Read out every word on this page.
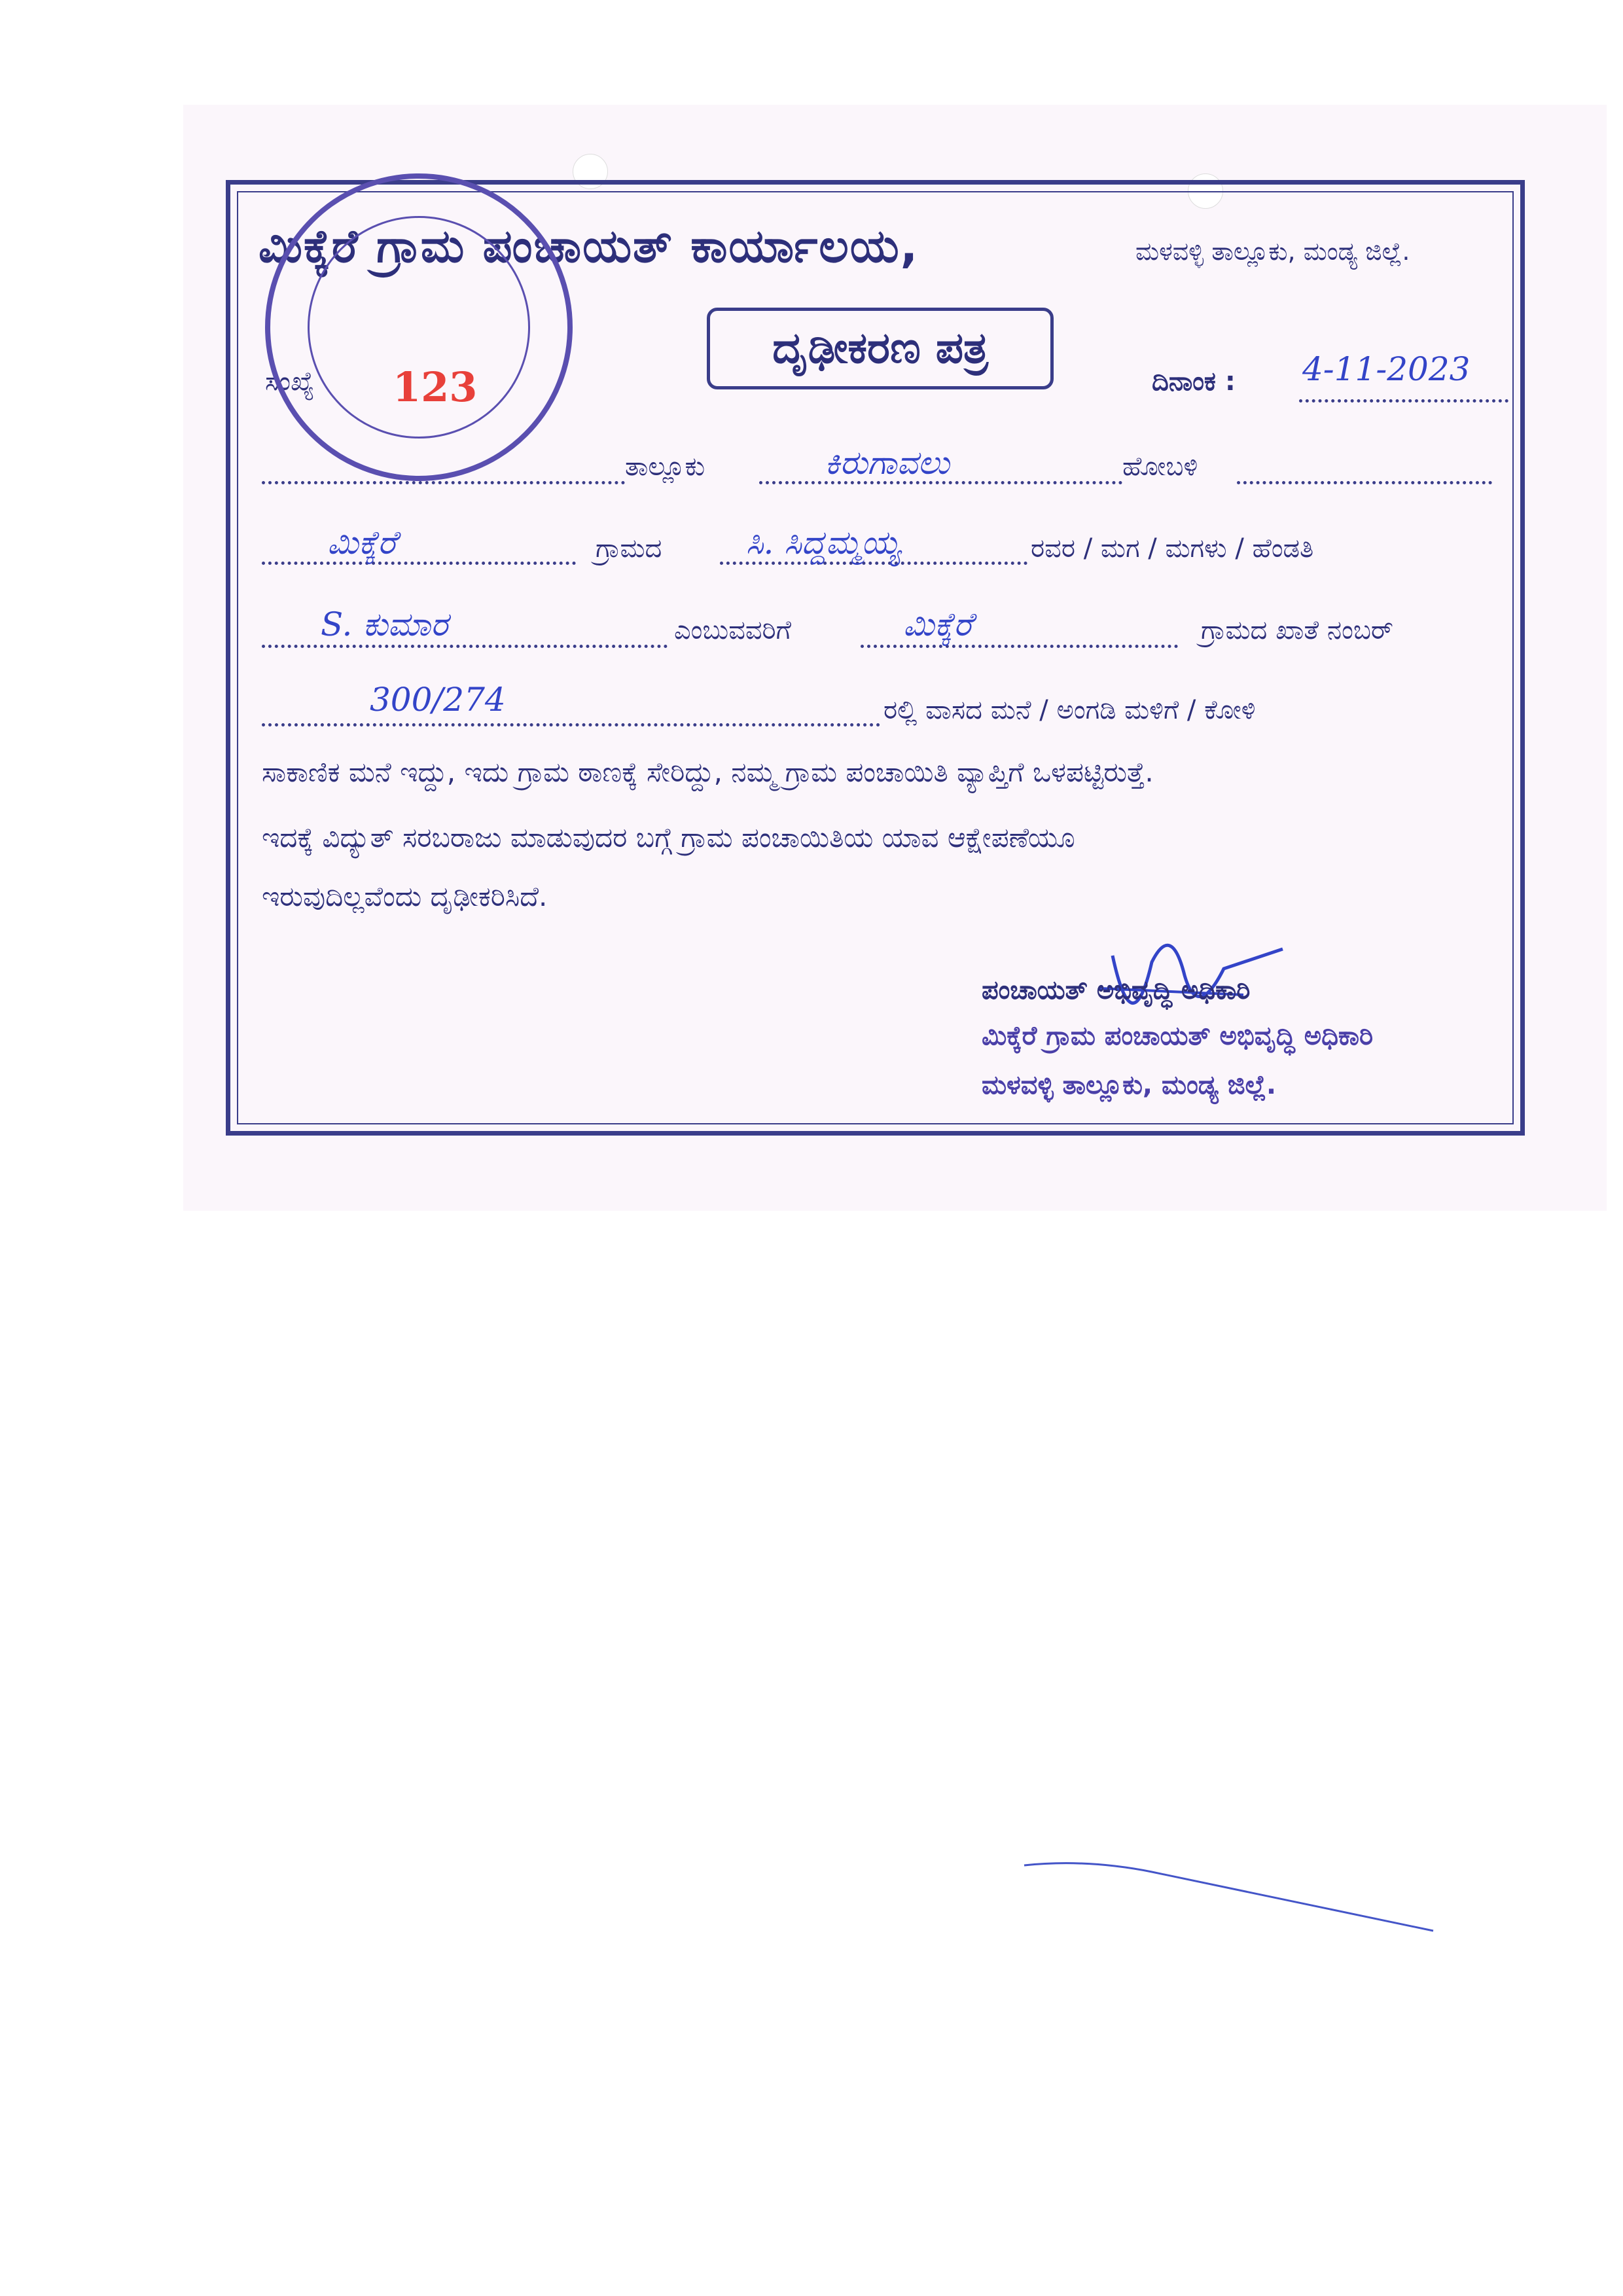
ಮಿಕ್ಕೆರೆ ಗ್ರಾಮ ಪಂಚಾಯತ್ ಕಾರ್ಯಾಲಯ,	ಮಳವಳ್ಳಿ ತಾಲ್ಲೂಕು, ಮಂಡ್ಯ ಜಿಲ್ಲೆ.
ದೃಢೀಕರಣ ಪತ್ರ
ಸಂಖ್ಯೆ	ದಿನಾಂಕ : 4-11-2023
123
ತಾಲ್ಲೂಕು	ಕಿರುಗಾವಲು	ಹೋಬಳಿ
ಮಿಕ್ಕೆರೆ	ಗ್ರಾಮದ	ಸಿ. ಸಿದ್ದಮ್ಮಯ್ಯ	ರವರ / ಮಗ / ಮಗಳು / ಹೆಂಡತಿ
S. ಕುಮಾರ	ಎಂಬುವವರಿಗೆ	ಮಿಕ್ಕೆರೆ	ಗ್ರಾಮದ ಖಾತೆ ನಂಬರ್
300/274	ರಲ್ಲಿ ವಾಸದ ಮನೆ / ಅಂಗಡಿ ಮಳಿಗೆ / ಕೋಳಿ
ಸಾಕಾಣಿಕ ಮನೆ ಇದ್ದು, ಇದು ಗ್ರಾಮ ಠಾಣಕ್ಕೆ ಸೇರಿದ್ದು, ನಮ್ಮ ಗ್ರಾಮ ಪಂಚಾಯಿತಿ ವ್ಯಾಪ್ತಿಗೆ ಒಳಪಟ್ಟಿರುತ್ತೆ.
ಇದಕ್ಕೆ ವಿದ್ಯುತ್ ಸರಬರಾಜು ಮಾಡುವುದರ ಬಗ್ಗೆ ಗ್ರಾಮ ಪಂಚಾಯಿತಿಯ ಯಾವ ಆಕ್ಷೇಪಣೆಯೂ
ಇರುವುದಿಲ್ಲವೆಂದು ದೃಢೀಕರಿಸಿದೆ.
ಪಂಚಾಯತ್ ಅಭಿವೃದ್ಧಿ ಅಧಿಕಾರಿ
ಮಿಕ್ಕೆರೆ ಗ್ರಾಮ ಪಂಚಾಯತ್ ಅಭಿವೃದ್ಧಿ ಅಧಿಕಾರಿ
ಮಳವಳ್ಳಿ ತಾಲ್ಲೂಕು, ಮಂಡ್ಯ ಜಿಲ್ಲೆ.
